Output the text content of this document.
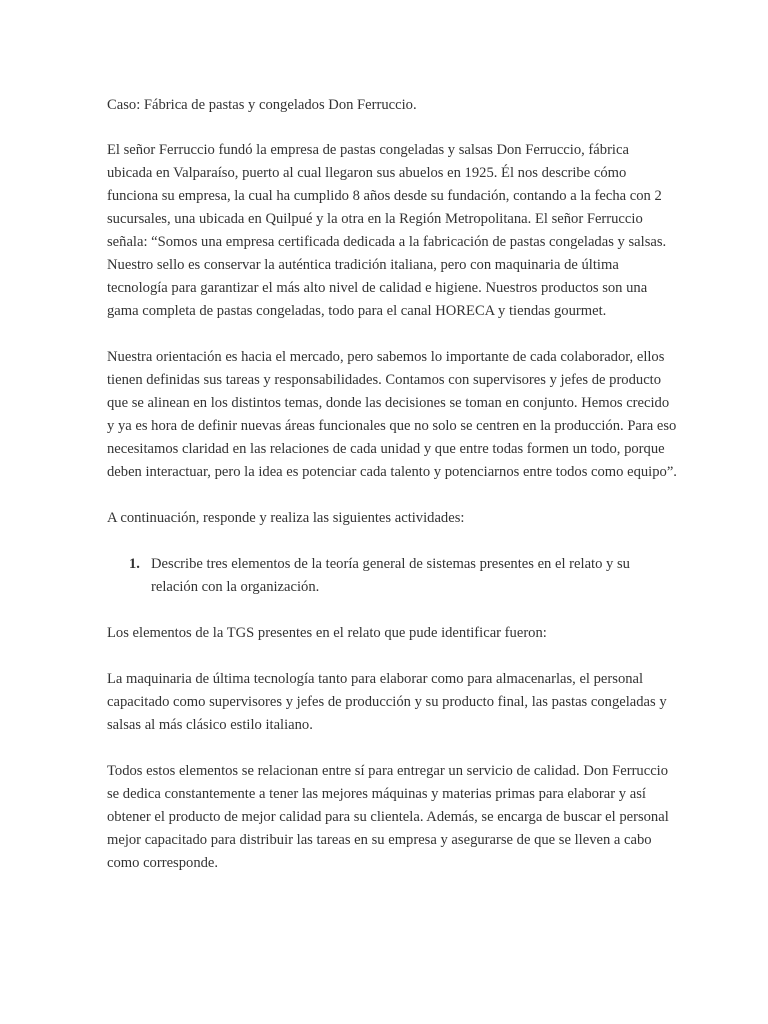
Caso: Fábrica de pastas y congelados Don Ferruccio.

El señor Ferruccio fundó la empresa de pastas congeladas y salsas Don Ferruccio, fábrica ubicada en Valparaíso, puerto al cual llegaron sus abuelos en 1925. Él nos describe cómo funciona su empresa, la cual ha cumplido 8 años desde su fundación, contando a la fecha con 2 sucursales, una ubicada en Quilpué y la otra en la Región Metropolitana. El señor Ferruccio señala: “Somos una empresa certificada dedicada a la fabricación de pastas congeladas y salsas. Nuestro sello es conservar la auténtica tradición italiana, pero con maquinaria de última tecnología para garantizar el más alto nivel de calidad e higiene. Nuestros productos son una gama completa de pastas congeladas, todo para el canal HORECA y tiendas gourmet.

Nuestra orientación es hacia el mercado, pero sabemos lo importante de cada colaborador, ellos tienen definidas sus tareas y responsabilidades. Contamos con supervisores y jefes de producto que se alinean en los distintos temas, donde las decisiones se toman en conjunto. Hemos crecido y ya es hora de definir nuevas áreas funcionales que no solo se centren en la producción. Para eso necesitamos claridad en las relaciones de cada unidad y que entre todas formen un todo, porque deben interactuar, pero la idea es potenciar cada talento y potenciarnos entre todos como equipo”.

A continuación, responde y realiza las siguientes actividades:

1. Describe tres elementos de la teoría general de sistemas presentes en el relato y su relación con la organización.

Los elementos de la TGS presentes en el relato que pude identificar fueron:

La maquinaria de última tecnología tanto para elaborar como para almacenarlas, el personal capacitado como supervisores y jefes de producción y su producto final, las pastas congeladas y salsas al más clásico estilo italiano.

Todos estos elementos se relacionan entre sí para entregar un servicio de calidad. Don Ferruccio se dedica constantemente a tener las mejores máquinas y materias primas para elaborar y así obtener el producto de mejor calidad para su clientela. Además, se encarga de buscar el personal mejor capacitado para distribuir las tareas en su empresa y asegurarse de que se lleven a cabo como corresponde.
